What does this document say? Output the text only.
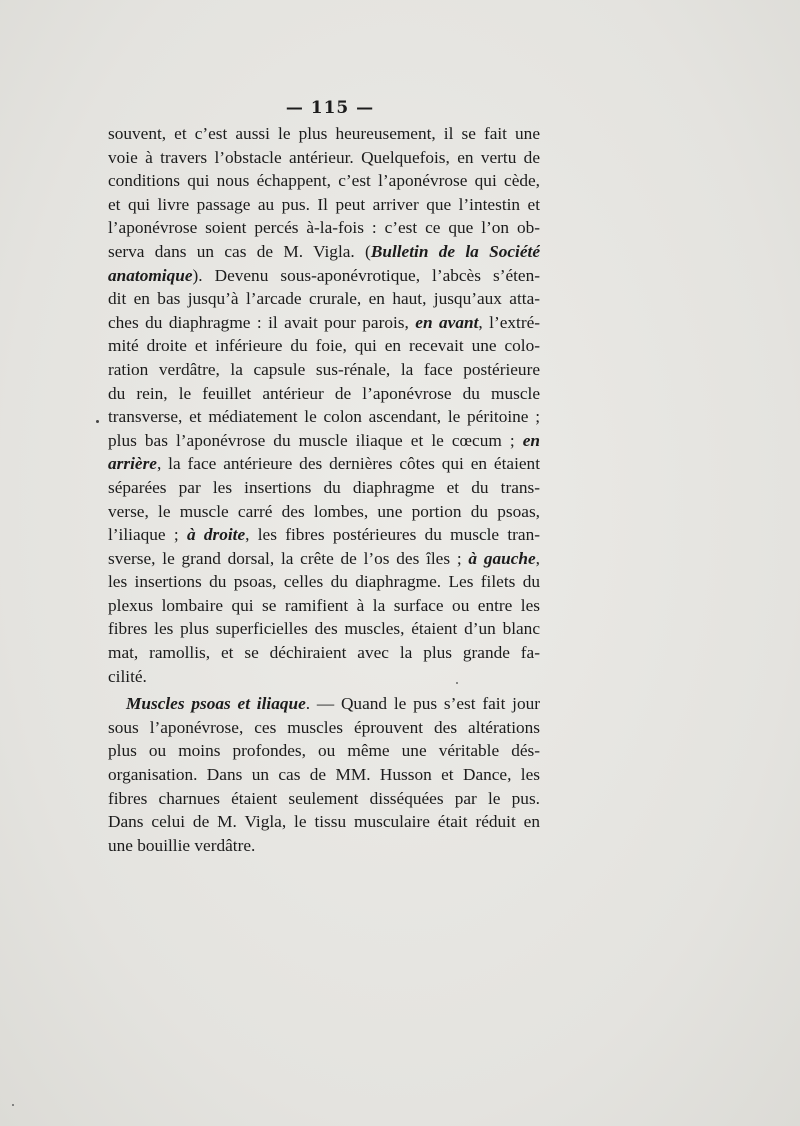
— 115 —
souvent, et c’est aussi le plus heureusement, il se fait une
voie à travers l’obstacle antérieur. Quelquefois, en vertu de
conditions qui nous échappent, c’est l’aponévrose qui cède,
et qui livre passage au pus. Il peut arriver que l’intestin et
l’aponévrose soient percés à-la-fois : c’est ce que l’on ob-
serva dans un cas de M. Vigla. (Bulletin de la Société
anatomique). Devenu sous-aponévrotique, l’abcès s’éten-
dit en bas jusqu’à l’arcade crurale, en haut, jusqu’aux atta-
ches du diaphragme : il avait pour parois, en avant, l’extré-
mité droite et inférieure du foie, qui en recevait une colo-
ration verdâtre, la capsule sus-rénale, la face postérieure
du rein, le feuillet antérieur de l’aponévrose du muscle
transverse, et médiatement le colon ascendant, le péritoine ;
plus bas l’aponévrose du muscle iliaque et le cœcum ; en
arrière, la face antérieure des dernières côtes qui en étaient
séparées par les insertions du diaphragme et du trans-
verse, le muscle carré des lombes, une portion du psoas,
l’iliaque ; à droite, les fibres postérieures du muscle tran-
sverse, le grand dorsal, la crête de l’os des îles ; à gauche,
les insertions du psoas, celles du diaphragme. Les filets du
plexus lombaire qui se ramifient à la surface ou entre les
fibres les plus superficielles des muscles, étaient d’un blanc
mat, ramollis, et se déchiraient avec la plus grande fa-
cilité.
Muscles psoas et iliaque. — Quand le pus s’est fait jour
sous l’aponévrose, ces muscles éprouvent des altérations
plus ou moins profondes, ou même une véritable dés-
organisation. Dans un cas de MM. Husson et Dance, les
fibres charnues étaient seulement disséquées par le pus.
Dans celui de M. Vigla, le tissu musculaire était réduit en
une bouillie verdâtre.
